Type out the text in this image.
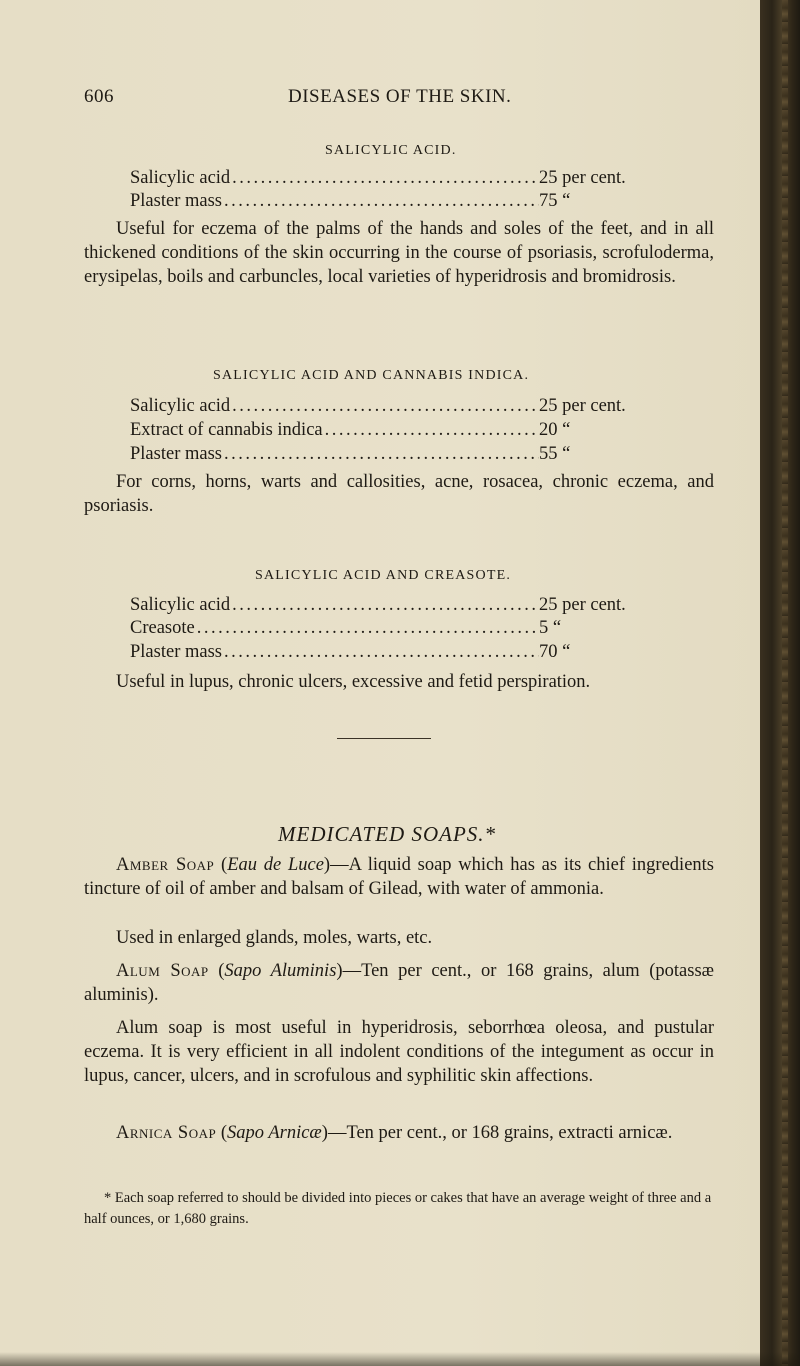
606	DISEASES OF THE SKIN.
SALICYLIC ACID.
Salicylic acid .....	25 per cent.
Plaster mass .....	75 “
Useful for eczema of the palms of the hands and soles of the feet, and in all thickened conditions of the skin occurring in the course of psoriasis, scrofuloderma, erysipelas, boils and carbuncles, local varieties of hyperidrosis and bromidrosis.
SALICYLIC ACID AND CANNABIS INDICA.
Salicylic acid .....	25 per cent.
Extract of cannabis indica .....	20 “
Plaster mass .....	55 “
For corns, horns, warts and callosities, acne, rosacea, chronic eczema, and psoriasis.
SALICYLIC ACID AND CREASOTE.
Salicylic acid .....	25 per cent.
Creasote .....	5 “
Plaster mass .....	70 “
Useful in lupus, chronic ulcers, excessive and fetid perspiration.
MEDICATED SOAPS.*
Amber Soap (Eau de Luce)—A liquid soap which has as its chief ingredients tincture of oil of amber and balsam of Gilead, with water of ammonia.
Used in enlarged glands, moles, warts, etc.
Alum Soap (Sapo Aluminis)—Ten per cent., or 168 grains, alum (potassæ aluminis).
Alum soap is most useful in hyperidrosis, seborrhœa oleosa, and pustular eczema. It is very efficient in all indolent conditions of the integument as occur in lupus, cancer, ulcers, and in scrofulous and syphilitic skin affections.
Arnica Soap (Sapo Arnicæ)—Ten per cent., or 168 grains, extracti arnicæ.
* Each soap referred to should be divided into pieces or cakes that have an average weight of three and a half ounces, or 1,680 grains.
